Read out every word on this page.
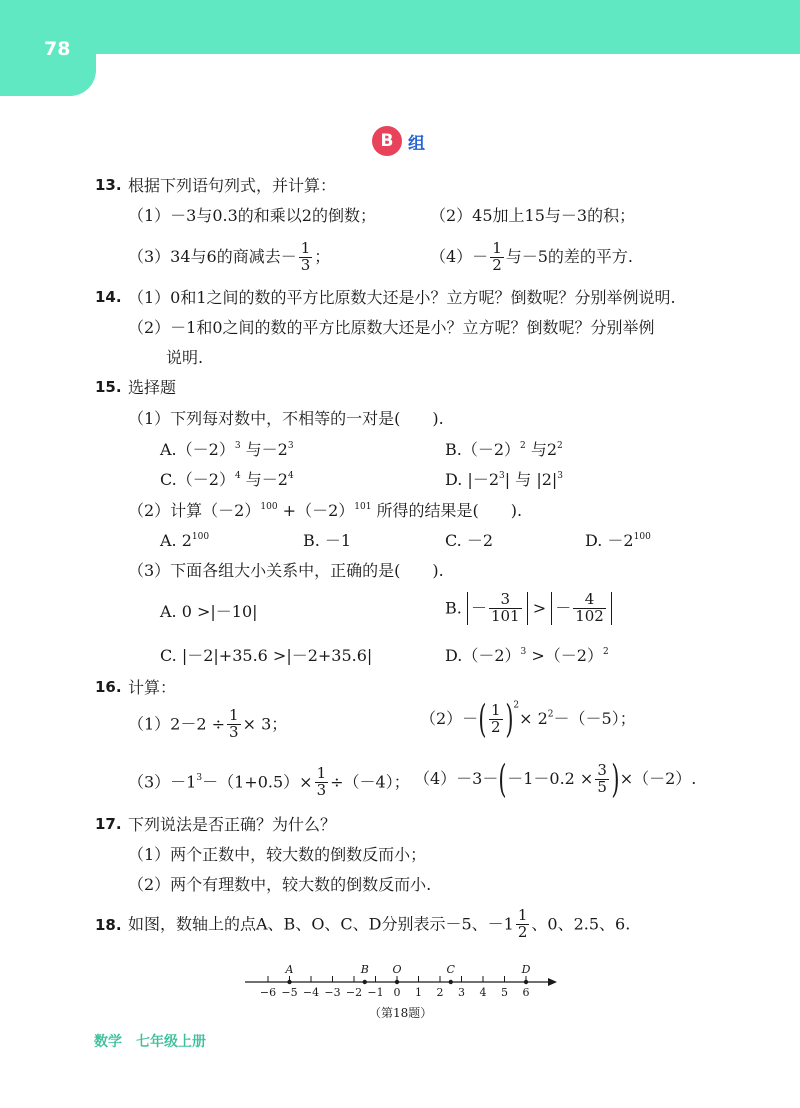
78
B 组
13. 根据下列语句列式，并计算：
（1）－3与0.3的和乘以2的倒数；	（2）45加上15与－3的积；
（3）34与6的商减去－ $\frac{1}{3}$ ；	$(4)- \frac{1}{2}$ 与－5的差的平方.
14. （1）0和1之间的数的平方比原数大还是小？立方呢？倒数呢？分别举例说明.
（2）－1和0之间的数的平方比原数大还是小？立方呢？倒数呢？分别举例
说明.
15. 选择题
（1）下列每对数中，不相等的一对是(　　).
$A.(-2)^3$ 与$-2^3$	$B.(-2)^2$ 与$2^2$
$C.(-2)^4$ 与$-2^4$	D. $|-2^3|$ 与 $|2|^3$
（2）计算$(-2)^{100} +(-2)^{101}$ 所得的结果是(　　).
A. $2^{100}$	B. －1	C. －2	D. $-2^{100}$
（3）下面各组大小关系中，正确的是(　　).
A. 0 >|－10|	B. － $\frac{3}{101}$ > － $\frac{4}{102}$
C. |－2|+35.6 >|－2+35.6|	$D.(-2)^3 >(-2)^2$
16. 计算：
$(1)2-2 \div \frac{1}{3} \times 3$；	$(2)-( \frac{1}{2} )^2\times 2^2-(-5)$；
$(3)-1^3-(1+0.5)\times \frac{1}{3} \div(-4)$； $(4)-3-(-1-0.2 \times \frac{3}{5} )\times(-2)$.
17. 下列说法是否正确？为什么？
（1）两个正数中，较大数的倒数反而小；
（2）两个有理数中，较大数的倒数反而小.
18. 如图，数轴上的点A、B、O、C、D分别表示－5、$-1 \frac{1}{2}$ 、0、2.5、6.
−6 −5 −4 −3 −2 −1 0 1 2 3 4 5 6
A	B O	C	D
（第18题）
数学　 七年级上册
